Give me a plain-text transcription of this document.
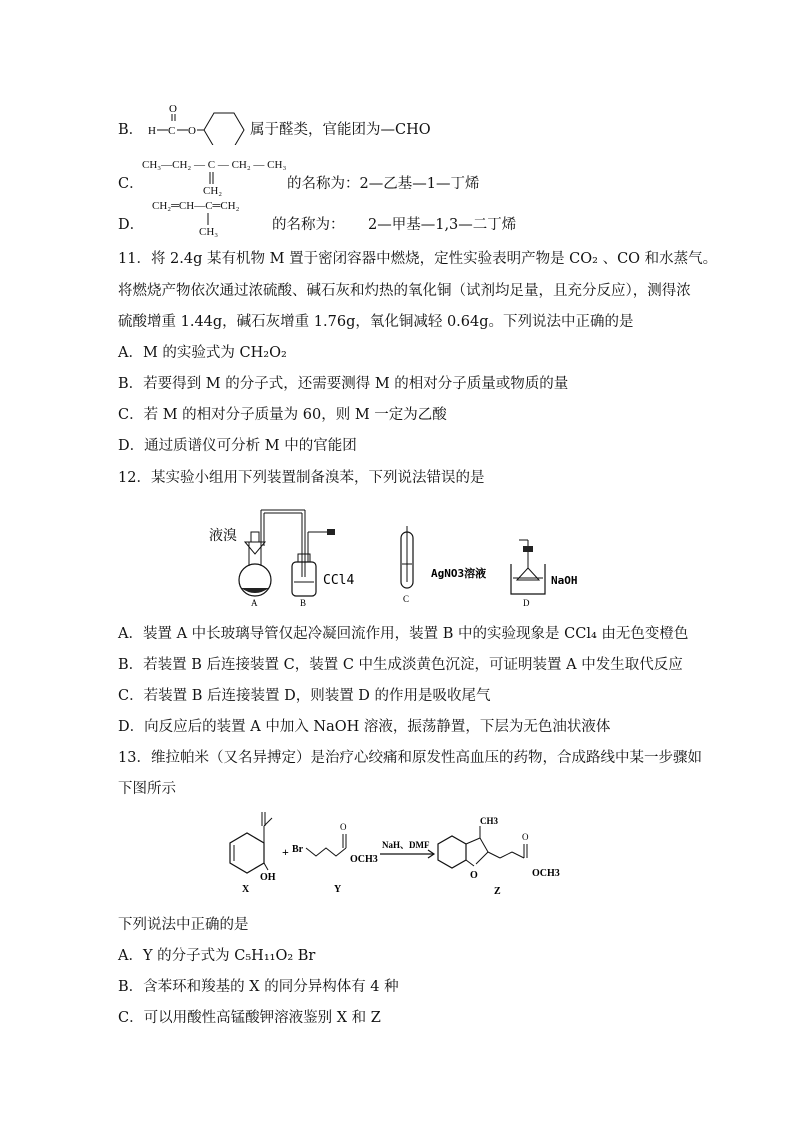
B． H C
O
O	属于醛类，官能团为—CHO
C．
CH₃—CH₂ — C — CH₂ — CH₃
CH₂	的名称为：2—乙基—1—丁烯
D．
CH₂═CH—C═CH₂
CH₃	的名称为： 2—甲基—1,3—二丁烯
11．将 2.4g 某有机物 M 置于密闭容器中燃烧，定性实验表明产物是 CO₂ 、CO 和水蒸气。
将燃烧产物依次通过浓硫酸、碱石灰和灼热的氧化铜（试剂均足量，且充分反应），测得浓
硫酸增重 1.44g，碱石灰增重 1.76g，氧化铜减轻 0.64g。下列说法中正确的是
A．M 的实验式为 CH₂O₂
B．若要得到 M 的分子式，还需要测得 M 的相对分子质量或物质的量
C．若 M 的相对分子质量为 60，则 M 一定为乙酸
D．通过质谱仪可分析 M 中的官能团
12．某实验小组用下列装置制备溴苯，下列说法错误的是
液溴
A
CCl4
B
AgNO3溶液
C
NaOH
D
A．装置 A 中长玻璃导管仅起冷凝回流作用，装置 B 中的实验现象是 CCl₄ 由无色变橙色
B．若装置 B 后连接装置 C，装置 C 中生成淡黄色沉淀，可证明装置 A 中发生取代反应
C．若装置 B 后连接装置 D，则装置 D 的作用是吸收尾气
D．向反应后的装置 A 中加入 NaOH 溶液，振荡静置，下层为无色油状液体
13．维拉帕米（又名异搏定）是治疗心绞痛和原发性高血压的药物，合成路线中某一步骤如
下图所示
OH
X
+ Br
O
OCH3
Y
NaH、DMF
CH3
O
O
OCH3
Z
下列说法中正确的是
A．Y 的分子式为 C₅H₁₁O₂ Br
B．含苯环和羧基的 X 的同分异构体有 4 种
C．可以用酸性高锰酸钾溶液鉴别 X 和 Z
